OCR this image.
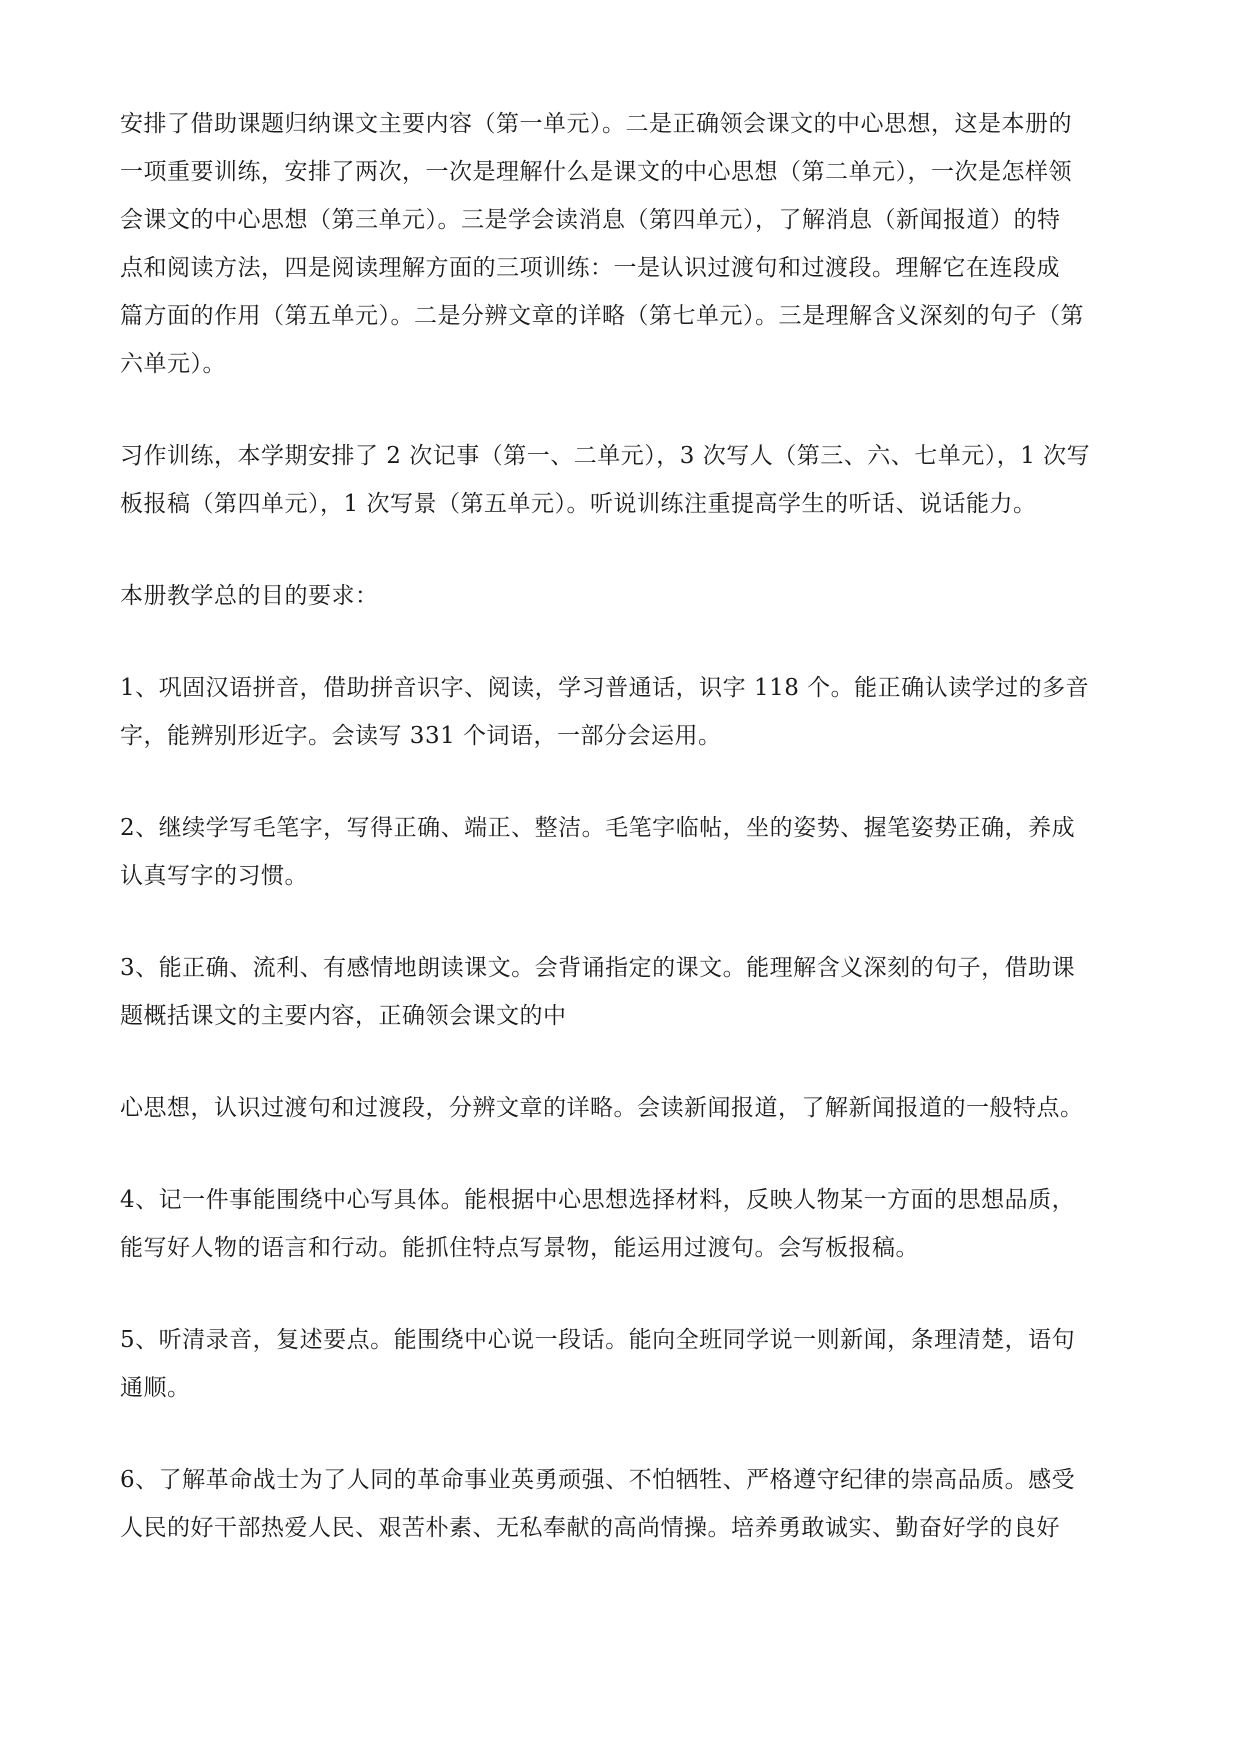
安排了借助课题归纳课文主要内容（第一单元）。二是正确领会课文的中心思想，这是本册的
一项重要训练，安排了两次，一次是理解什么是课文的中心思想（第二单元），一次是怎样领
会课文的中心思想（第三单元）。三是学会读消息（第四单元），了解消息（新闻报道）的特
点和阅读方法，四是阅读理解方面的三项训练：一是认识过渡句和过渡段。理解它在连段成
篇方面的作用（第五单元）。二是分辨文章的详略（第七单元）。三是理解含义深刻的句子（第
六单元）。

习作训练，本学期安排了 2 次记事（第一、二单元），3 次写人（第三、六、七单元），1 次写
板报稿（第四单元），1 次写景（第五单元）。听说训练注重提高学生的听话、说话能力。

本册教学总的目的要求：

1、巩固汉语拼音，借助拼音识字、阅读，学习普通话，识字 118 个。能正确认读学过的多音
字，能辨别形近字。会读写 331 个词语，一部分会运用。

2、继续学写毛笔字，写得正确、端正、整洁。毛笔字临帖，坐的姿势、握笔姿势正确，养成
认真写字的习惯。

3、能正确、流利、有感情地朗读课文。会背诵指定的课文。能理解含义深刻的句子，借助课
题概括课文的主要内容，正确领会课文的中

心思想，认识过渡句和过渡段，分辨文章的详略。会读新闻报道，了解新闻报道的一般特点。

4、记一件事能围绕中心写具体。能根据中心思想选择材料，反映人物某一方面的思想品质，
能写好人物的语言和行动。能抓住特点写景物，能运用过渡句。会写板报稿。

5、听清录音，复述要点。能围绕中心说一段话。能向全班同学说一则新闻，条理清楚，语句
通顺。

6、了解革命战士为了人同的革命事业英勇顽强、不怕牺牲、严格遵守纪律的崇高品质。感受
人民的好干部热爱人民、艰苦朴素、无私奉献的高尚情操。培养勇敢诚实、勤奋好学的良好
